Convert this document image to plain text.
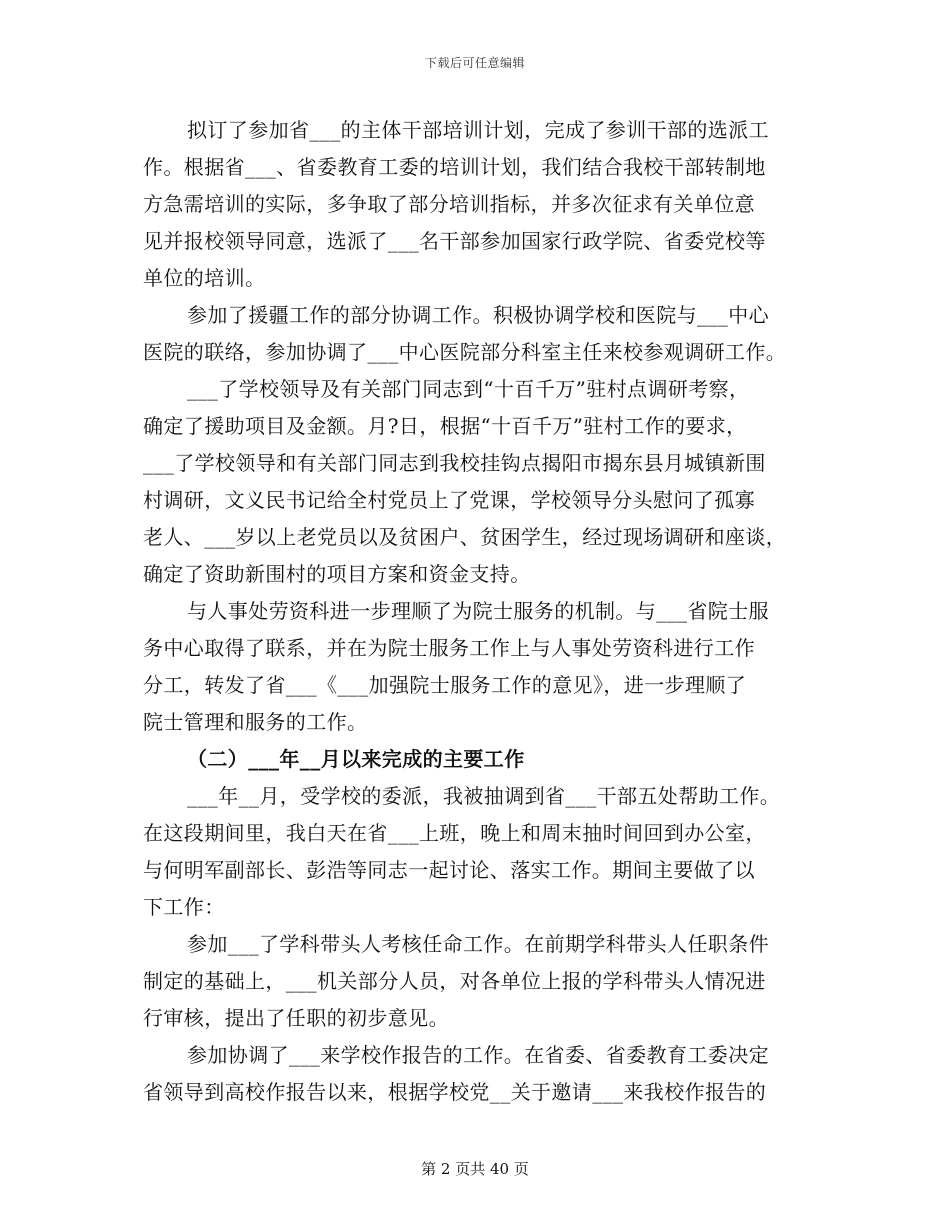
下载后可任意编辑
拟订了参加省___的主体干部培训计划，完成了参训干部的选派工
作。根据省___、省委教育工委的培训计划，我们结合我校干部转制地
方急需培训的实际，多争取了部分培训指标，并多次征求有关单位意
见并报校领导同意，选派了___名干部参加国家行政学院、省委党校等
单位的培训。
参加了援疆工作的部分协调工作。积极协调学校和医院与___中心
医院的联络，参加协调了___中心医院部分科室主任来校参观调研工作。
___了学校领导及有关部门同志到“十百千万”驻村点调研考察，
确定了援助项目及金额。月?日，根据“十百千万”驻村工作的要求，
___了学校领导和有关部门同志到我校挂钩点揭阳市揭东县月城镇新围
村调研，文义民书记给全村党员上了党课，学校领导分头慰问了孤寡
老人、___岁以上老党员以及贫困户、贫困学生，经过现场调研和座谈，
确定了资助新围村的项目方案和资金支持。
与人事处劳资科进一步理顺了为院士服务的机制。与___省院士服
务中心取得了联系，并在为院士服务工作上与人事处劳资科进行工作
分工，转发了省___《___加强院士服务工作的意见》，进一步理顺了
院士管理和服务的工作。
（二）___年__月以来完成的主要工作
___年__月，受学校的委派，我被抽调到省___干部五处帮助工作。
在这段期间里，我白天在省___上班，晚上和周末抽时间回到办公室，
与何明军副部长、彭浩等同志一起讨论、落实工作。期间主要做了以
下工作：
参加___了学科带头人考核任命工作。在前期学科带头人任职条件
制定的基础上，___机关部分人员，对各单位上报的学科带头人情况进
行审核，提出了任职的初步意见。
参加协调了___来学校作报告的工作。在省委、省委教育工委决定
省领导到高校作报告以来，根据学校党__关于邀请___来我校作报告的
第 2 页共 40 页
